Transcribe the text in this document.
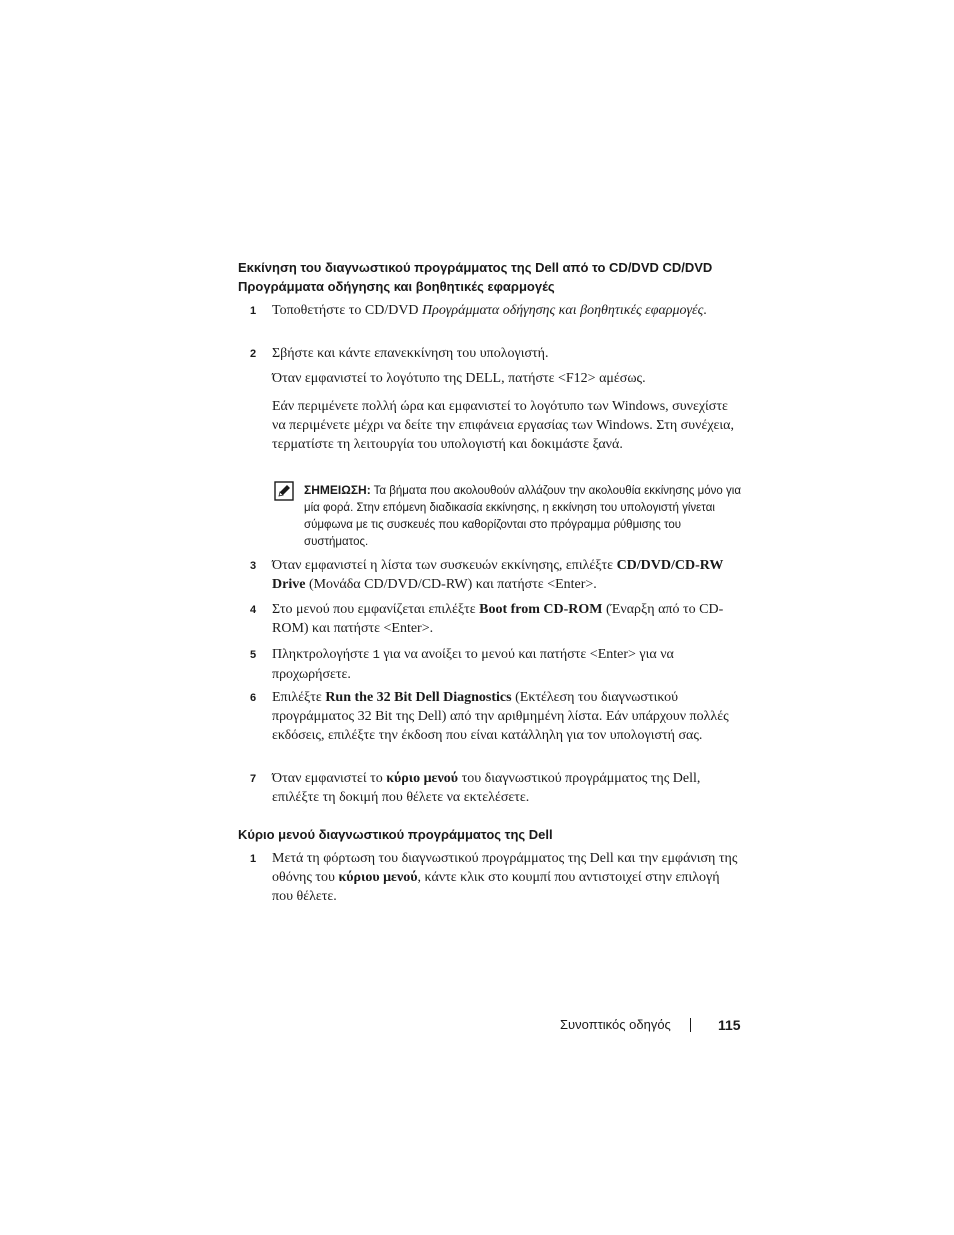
Εκκίνηση του διαγνωστικού προγράμματος της Dell από το CD/DVD CD/DVD
Προγράμματα οδήγησης και βοηθητικές εφαρμογές
1 Τοποθετήστε το CD/DVD Προγράμματα οδήγησης και βοηθητικές εφαρμογές.
2 Σβήστε και κάντε επανεκκίνηση του υπολογιστή.

Όταν εμφανιστεί το λογότυπο της DELL, πατήστε <F12> αμέσως.

Εάν περιμένετε πολλή ώρα και εμφανιστεί το λογότυπο των Windows, συνεχίστε να περιμένετε μέχρι να δείτε την επιφάνεια εργασίας των Windows. Στη συνέχεια, τερματίστε τη λειτουργία του υπολογιστή και δοκιμάστε ξανά.

ΣΗΜΕΙΩΣΗ: Τα βήματα που ακολουθούν αλλάζουν την ακολουθία εκκίνησης μόνο για μία φορά. Στην επόμενη διαδικασία εκκίνησης, η εκκίνηση του υπολογιστή γίνεται σύμφωνα με τις συσκευές που καθορίζονται στο πρόγραμμα ρύθμισης του συστήματος.
3 Όταν εμφανιστεί η λίστα των συσκευών εκκίνησης, επιλέξτε CD/DVD/CD-RW Drive (Μονάδα CD/DVD/CD-RW) και πατήστε <Enter>.
4 Στο μενού που εμφανίζεται επιλέξτε Boot from CD-ROM (Έναρξη από το CD-ROM) και πατήστε <Enter>.
5 Πληκτρολογήστε 1 για να ανοίξει το μενού και πατήστε <Enter> για να προχωρήσετε.
6 Επιλέξτε Run the 32 Bit Dell Diagnostics (Εκτέλεση του διαγνωστικού προγράμματος 32 Bit της Dell) από την αριθμημένη λίστα. Εάν υπάρχουν πολλές εκδόσεις, επιλέξτε την έκδοση που είναι κατάλληλη για τον υπολογιστή σας.
7 Όταν εμφανιστεί το κύριο μενού του διαγνωστικού προγράμματος της Dell, επιλέξτε τη δοκιμή που θέλετε να εκτελέσετε.
Κύριο μενού διαγνωστικού προγράμματος της Dell
1 Μετά τη φόρτωση του διαγνωστικού προγράμματος της Dell και την εμφάνιση της οθόνης του κύριου μενού, κάντε κλικ στο κουμπί που αντιστοιχεί στην επιλογή που θέλετε.
Συνοπτικός οδηγός	115
